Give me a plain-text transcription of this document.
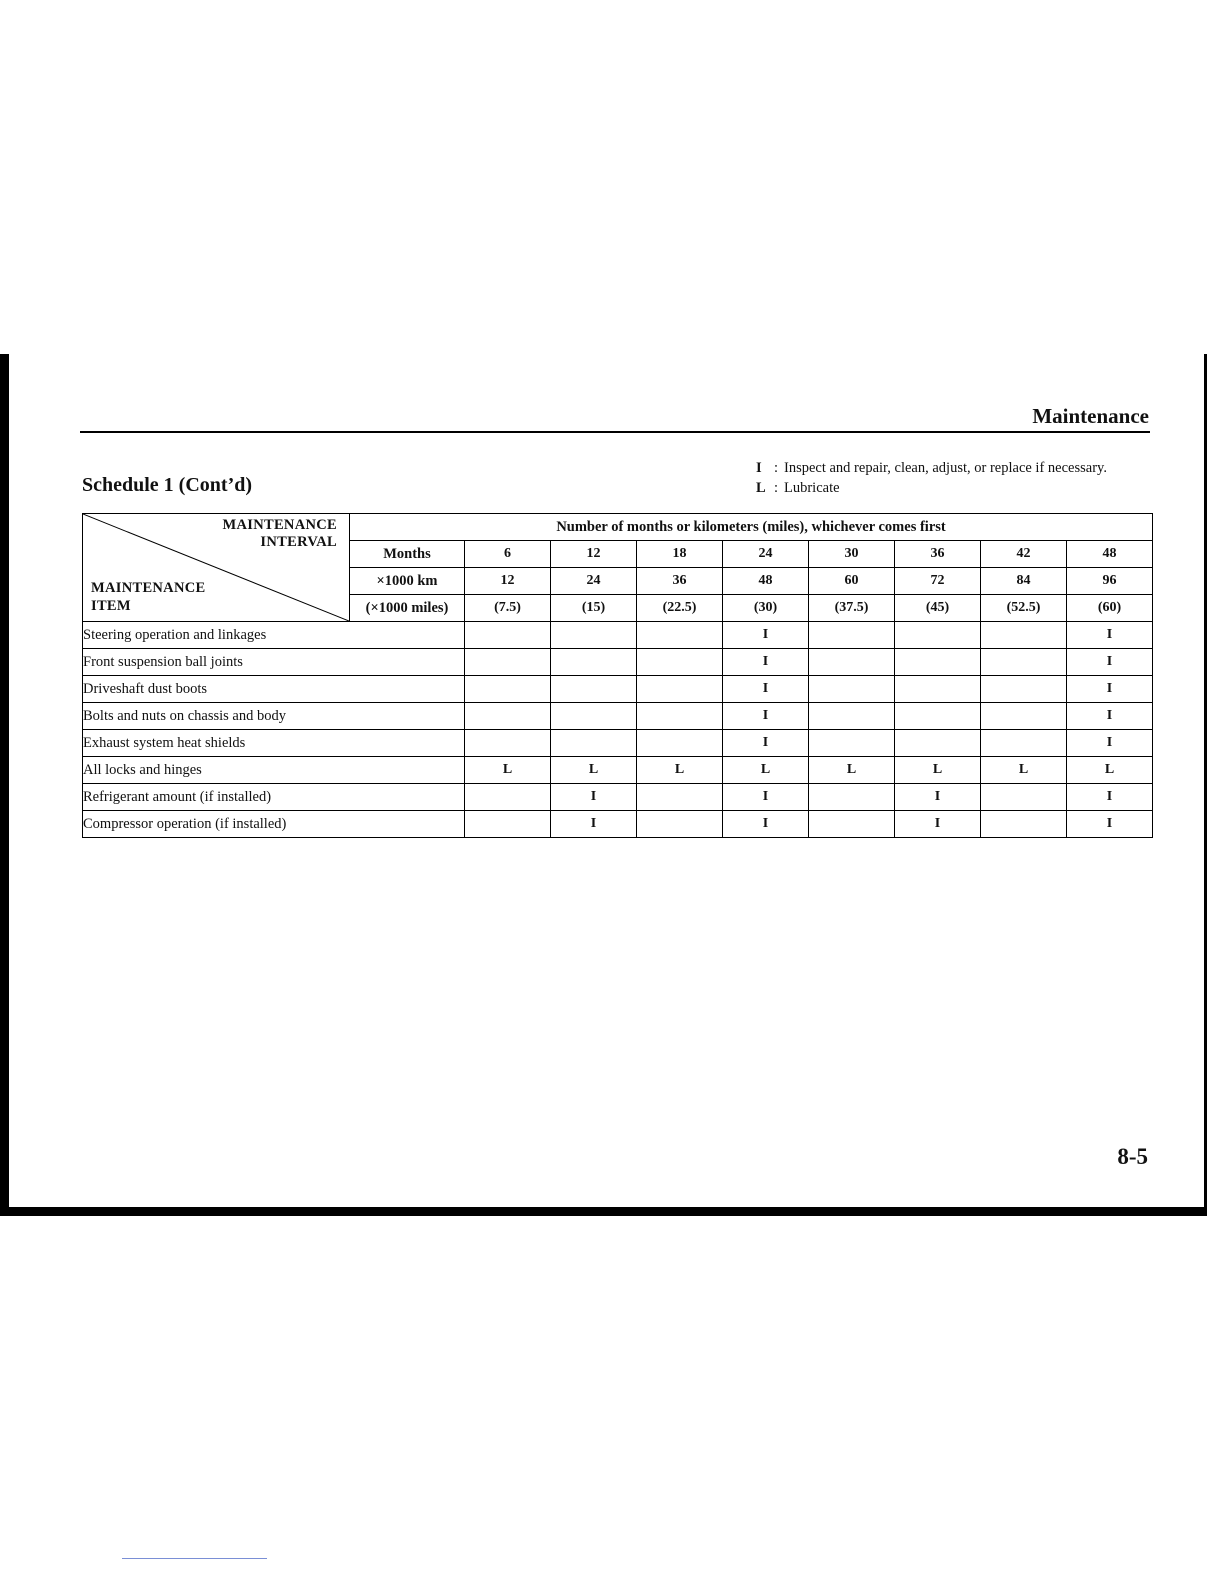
Maintenance
Schedule 1 (Cont’d)
I : Inspect and repair, clean, adjust, or replace if necessary.
L : Lubricate
MAINTENANCE
INTERVAL
MAINTENANCE
ITEM	Number of months or kilometers (miles), whichever comes first								
	Months	6	12	18	24	30	36	42	48
	×1000 km	12	24	36	48	60	72	84	96
	(×1000 miles)	(7.5)	(15)	(22.5)	(30)	(37.5)	(45)	(52.5)	(60)
Steering operation and linkages					I				I
Front suspension ball joints					I				I
Driveshaft dust boots					I				I
Bolts and nuts on chassis and body					I				I
Exhaust system heat shields					I				I
All locks and hinges		L	L	L	L	L	L	L	L
Refrigerant amount (if installed)			I		I		I		I
Compressor operation (if installed)			I		I		I		I
8-5
